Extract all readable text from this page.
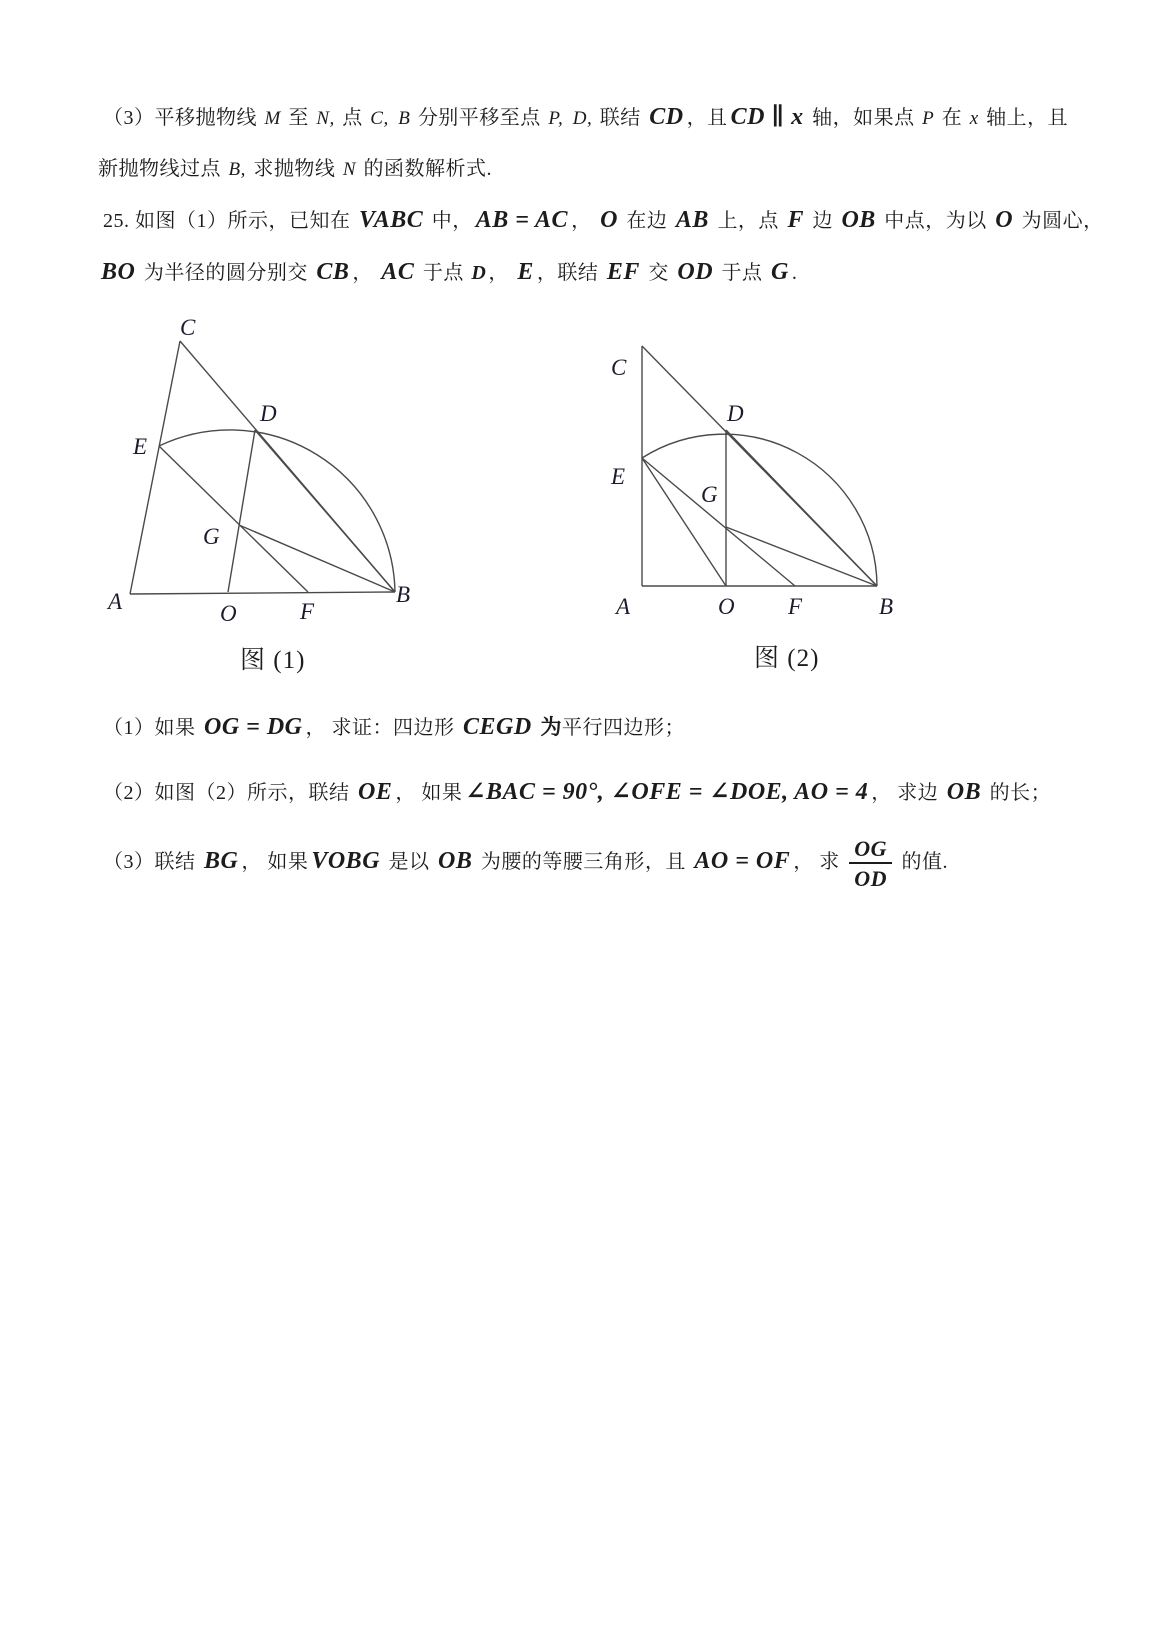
（3）平移抛物线 M 至 N, 点 C, B 分别平移至点 P, D, 联结 CD ，且 CD ∥ x 轴，如果点 P 在 x 轴上，且
新抛物线过点 B, 求抛物线 N 的函数解析式.
25. 如图（1）所示，已知在 VABC 中， AB = AC ， O 在边 AB 上，点 F 边 OB 中点，为以 O 为圆心，
BO 为半径的圆分别交 CB ， AC 于点 D ， E ，联结 EF 交 OD 于点 G .
C
D
E
G
A	O	F
B
C
D
E
G
A	O F	B
图 (1)	图 (2)
（1）如果 OG = DG ， 求证：四边形 CEGD 为平行四边形；
（2）如图（2）所示，联结 OE ， 如果 ∠BAC = 90°, ∠OFE = ∠DOE, AO = 4 ， 求边 OB 的长；
（3）联结 BG ， 如果 VOBG 是以 OB 为腰的等腰三角形，且 AO = OF ， 求 $\frac{OG}{OD}$ 的值.
